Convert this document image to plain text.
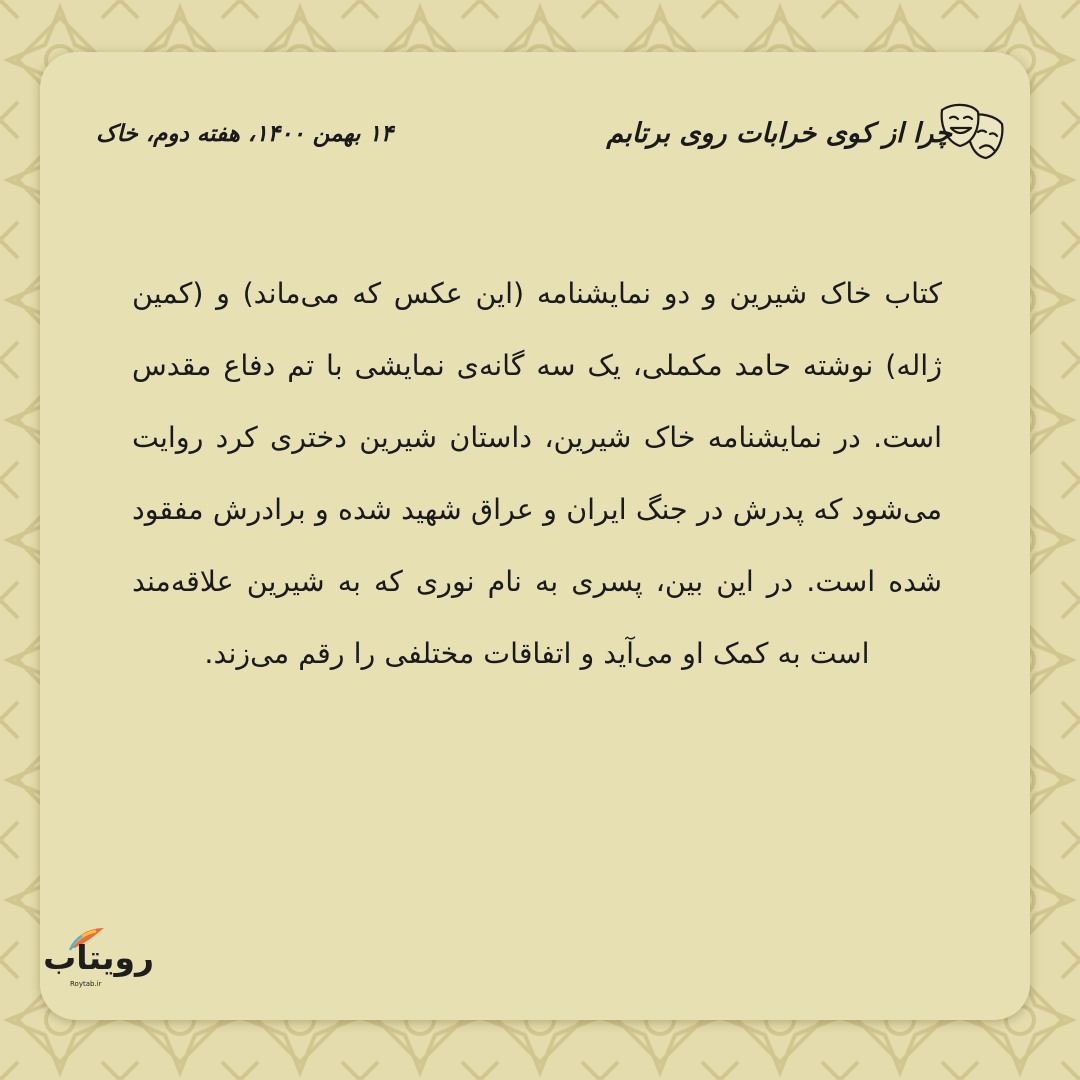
چرا از کوی خرابات روی برتابم
۱۴ بهمن ۱۴۰۰، هفته دوم، خاک
کتاب خاک شیرین و دو نمایشنامه (این عکس که می‌ماند) و (کمین ژاله) نوشته حامد مکملی، یک سه گانه‌ی نمایشی با تم دفاع مقدس است. در نمایشنامه خاک شیرین، داستان شیرین دختری کرد روایت می‌شود که پدرش در جنگ ایران و عراق شهید شده و برادرش مفقود شده است. در این بین، پسری به نام نوری که به شیرین علاقه‌مند است به کمک او می‌آید و اتفاقات مختلفی را رقم می‌زند.
رویتاب
Roytab.ir
